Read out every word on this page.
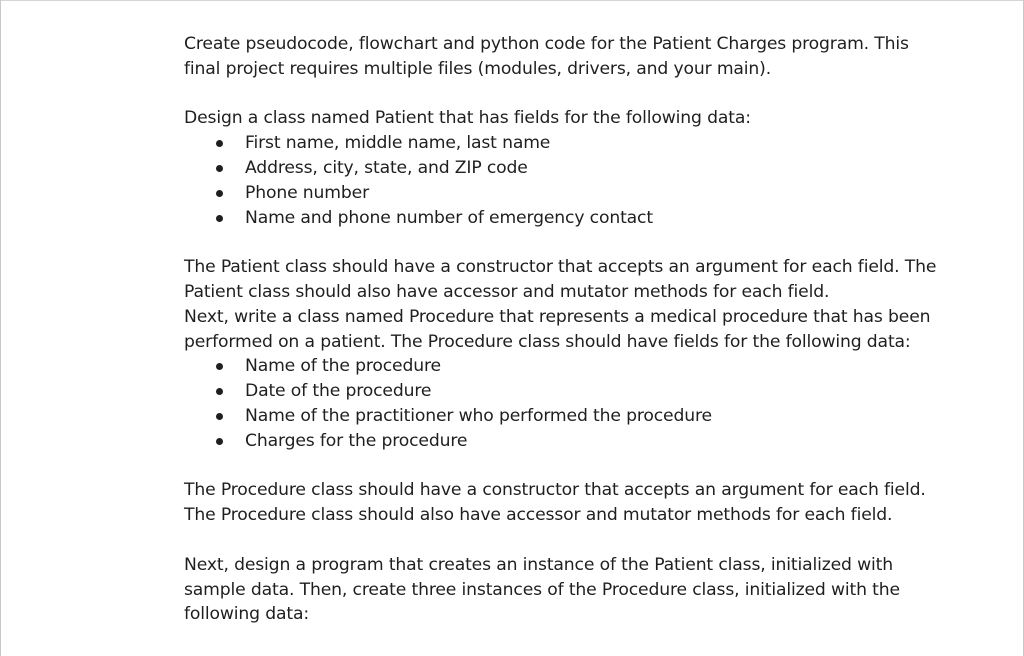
Create pseudocode, flowchart and python code for the Patient Charges program. This

final project requires multiple files (modules, drivers, and your main).

Design a class named Patient that has fields for the following data:

First name, middle name, last name
Address, city, state, and ZIP code
Phone number
Name and phone number of emergency contact

The Patient class should have a constructor that accepts an argument for each field. The

Patient class should also have accessor and mutator methods for each field.

Next, write a class named Procedure that represents a medical procedure that has been

performed on a patient. The Procedure class should have fields for the following data:

Name of the procedure
Date of the procedure
Name of the practitioner who performed the procedure
Charges for the procedure

The Procedure class should have a constructor that accepts an argument for each field.

The Procedure class should also have accessor and mutator methods for each field.

Next, design a program that creates an instance of the Patient class, initialized with

sample data. Then, create three instances of the Procedure class, initialized with the

following data:
